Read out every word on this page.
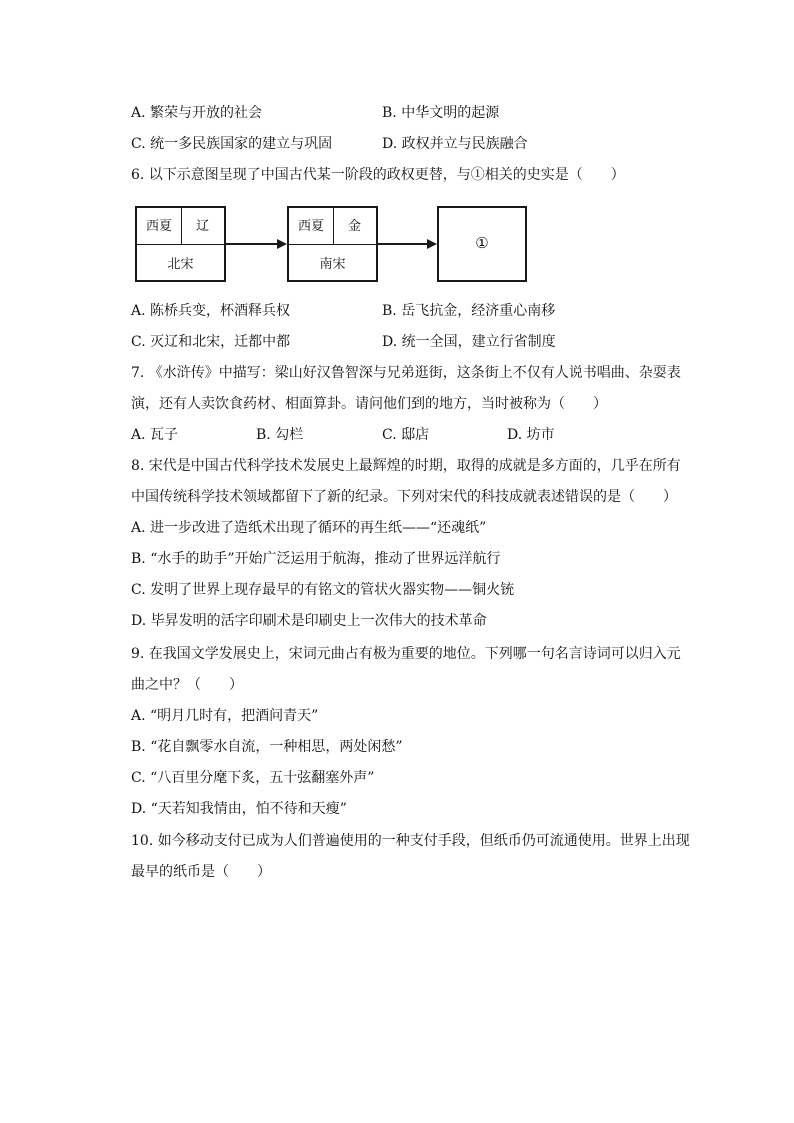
A. 繁荣与开放的社会	B. 中华文明的起源
C. 统一多民族国家的建立与巩固	D. 政权并立与民族融合
6. 以下示意图呈现了中国古代某一阶段的政权更替，与①相关的史实是（　　）
西夏	辽
北宋
西夏	金
南宋
①
A. 陈桥兵变，杯酒释兵权	B. 岳飞抗金，经济重心南移
C. 灭辽和北宋，迁都中都	D. 统一全国，建立行省制度
7. 《水浒传》中描写：梁山好汉鲁智深与兄弟逛街，这条街上不仅有人说书唱曲、杂耍表
演，还有人卖饮食药材、相面算卦。请问他们到的地方，当时被称为（　　）
A. 瓦子	B. 勾栏	C. 邸店	D. 坊市
8. 宋代是中国古代科学技术发展史上最辉煌的时期，取得的成就是多方面的，几乎在所有
中国传统科学技术领域都留下了新的纪录。下列对宋代的科技成就表述错误的是（　　）
A. 进一步改进了造纸术出现了循环的再生纸——“还魂纸”
B. “水手的助手”开始广泛运用于航海，推动了世界远洋航行
C. 发明了世界上现存最早的有铭文的管状火器实物——铜火铳
D. 毕昇发明的活字印刷术是印刷史上一次伟大的技术革命
9. 在我国文学发展史上，宋词元曲占有极为重要的地位。下列哪一句名言诗词可以归入元
曲之中？（　　）
A. “明月几时有，把酒问青天”
B. “花自飘零水自流，一种相思，两处闲愁”
C. “八百里分麾下炙，五十弦翻塞外声”
D. “天若知我情由，怕不待和天瘦”
10. 如今移动支付已成为人们普遍使用的一种支付手段，但纸币仍可流通使用。世界上出现
最早的纸币是（　　）
